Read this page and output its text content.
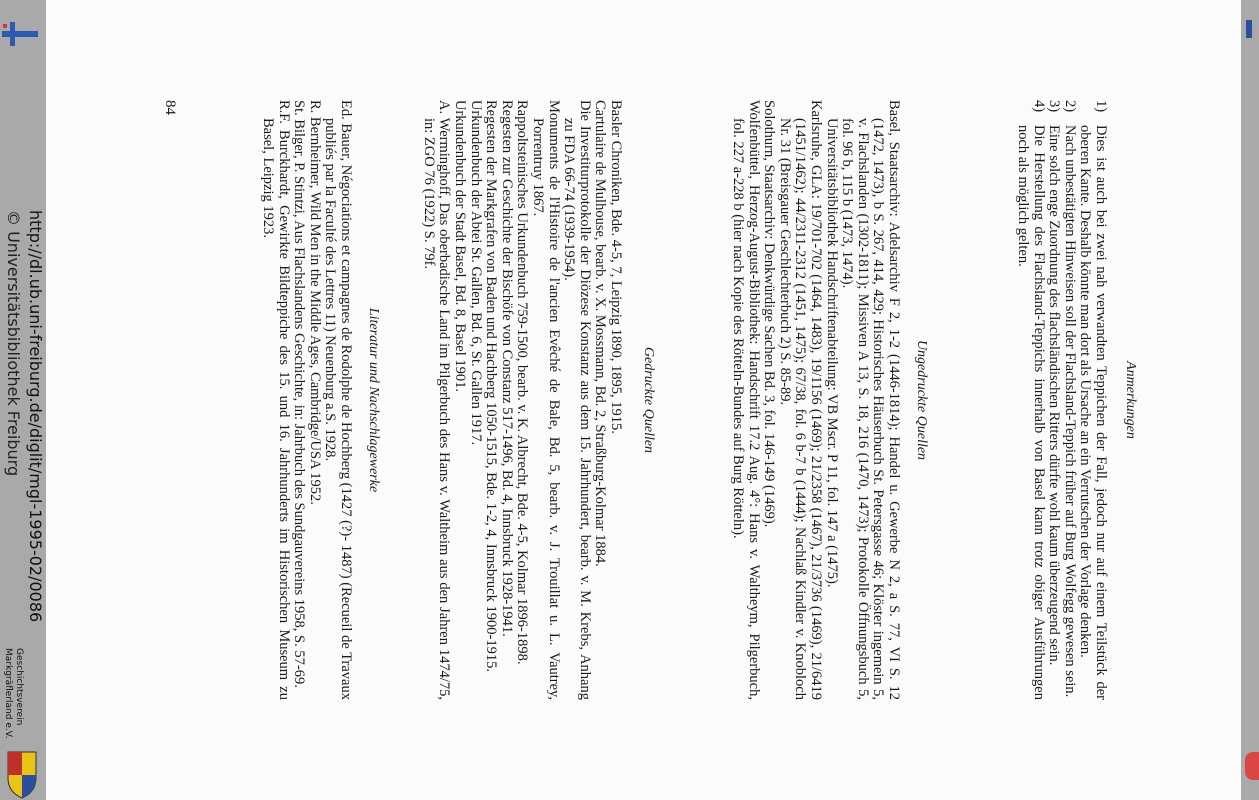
http://dl.ub.uni-freiburg.de/diglit/mgl-1995-02/0086
© Universitätsbibliothek Freiburg
Geschichtsverein
Markgräflerland e.V.
Anmerkungen
1)
Dies ist auch bei zwei nah verwandten Teppichen der Fall, jedoch nur auf einem Teilstück der oberen Kante. Deshalb könnte man dort als Ursache an ein Verrutschen der Vorlage denken.
2)
Nach unbestätigten Hinweisen soll der Flachsland-Teppich früher auf Burg Wolfegg gewesen sein.
3)
Eine solch enge Zuordnung des flachsländischen Ritters dürfte wohl kaum überzeugend sein.
4)
Die Herstellung des Flachsland-Teppichs innerhalb von Basel kann trotz obiger Ausführungen noch als möglich gelten.
Ungedruckte Quellen
Basel, Staatsarchiv: Adelsarchiv F 2, 1-2 (1446-1814); Handel u. Gewerbe N 2, a S. 77, VI S. 12 (1472, 1473), b S. 267, 414, 429; Historisches Häuserbuch St. Petersgasse 46; Klöster ingemein 5, v. Flachslanden (1302-1811); Missiven A 13, S. 18, 216 (1470, 1473); Protokolle Öffnungsbuch 5, fol. 96 b, 115 b (1473, 1474).
Universitätsbibliothek Handschriftenabteilung: VB Mscr. P 11, fol. 147 a (1475).
Karlsruhe, GLA: 19/701-702 (1464, 1483), 19/1156 (1469); 21/2358 (1467), 21/3736 (1469), 21/6419 (1451/1462); 44/2311-2312 (1451, 1475); 67/38, fol. 6 b-7 b (1444); Nachlaß Kindler v. Knobloch Nr. 31 (Breisgauer Geschlechterbuch 2) S. 85-89.
Solothurn, Staatsarchiv: Denkwürdige Sachen Bd. 3, fol. 146-149 (1469).
Wolfenbüttel, Herzog-August-Bibliothek: Handschrift 17.2 Aug. 4°: Hans v. Waltheym, Pilgerbuch, fol. 227 a-228 b (hier nach Kopie des Rötteln-Bundes auf Burg Rötteln).
Gedruckte Quellen
Basler Chroniken, Bde. 4-5, 7, Leipzig 1890, 1895, 1915.
Cartulaire de Mulhouse, bearb. v. X. Mossmann, Bd. 2, Straßburg-Kolmar 1884.
Die Investiturprotokolle der Diözese Konstanz aus dem 15. Jahrhundert, bearb. v. M. Krebs, Anhang zu FDA 66-74 (1939-1954).
Monuments de l'Histoire de l'ancien Evêché de Bale, Bd. 5, bearb. v. J. Trouillat u. L. Vautrey, Porrentruy 1867.
Rappoltsteinisches Urkundenbuch 759-1500, bearb. v. K. Albrecht, Bde. 4-5, Kolmar 1896-1898.
Regesten zur Geschichte der Bischöfe von Constanz 517-1496, Bd. 4, Innsbruck 1928-1941.
Regesten der Markgrafen von Baden und Hachberg 1050-1515, Bde. 1-2, 4, Innsbruck 1900-1915.
Urkundenbuch der Abtei St. Gallen, Bd. 6, St. Gallen 1917.
Urkundenbuch der Stadt Basel, Bd. 8, Basel 1901.
A. Werminghoff, Das oberbadische Land im Pilgerbuch des Hans v. Waltheim aus den Jahren 1474/75, in: ZGO 76 (1922) S. 79f.
Literatur und Nachschlagewerke
Ed. Bauer, Négociations et campagnes de Rodolphe de Hochberg (1427 (?)- 1487) (Recueil de Travaux publiés par la Faculté des Lettres 11) Neuenburg a.S. 1928.
R. Bernheimer, Wild Men in the Middle Ages, Cambridge/USA 1952.
St. Bilger, P. Stintzi, Aus Flachslandens Geschichte, in: Jahrbuch des Sundgauvereins 1958, S. 57-69.
R.F. Burckhardt, Gewirkte Bildteppiche des 15. und 16. Jahrhunderts im Historischen Museum zu Basel, Leipzig 1923.
84
